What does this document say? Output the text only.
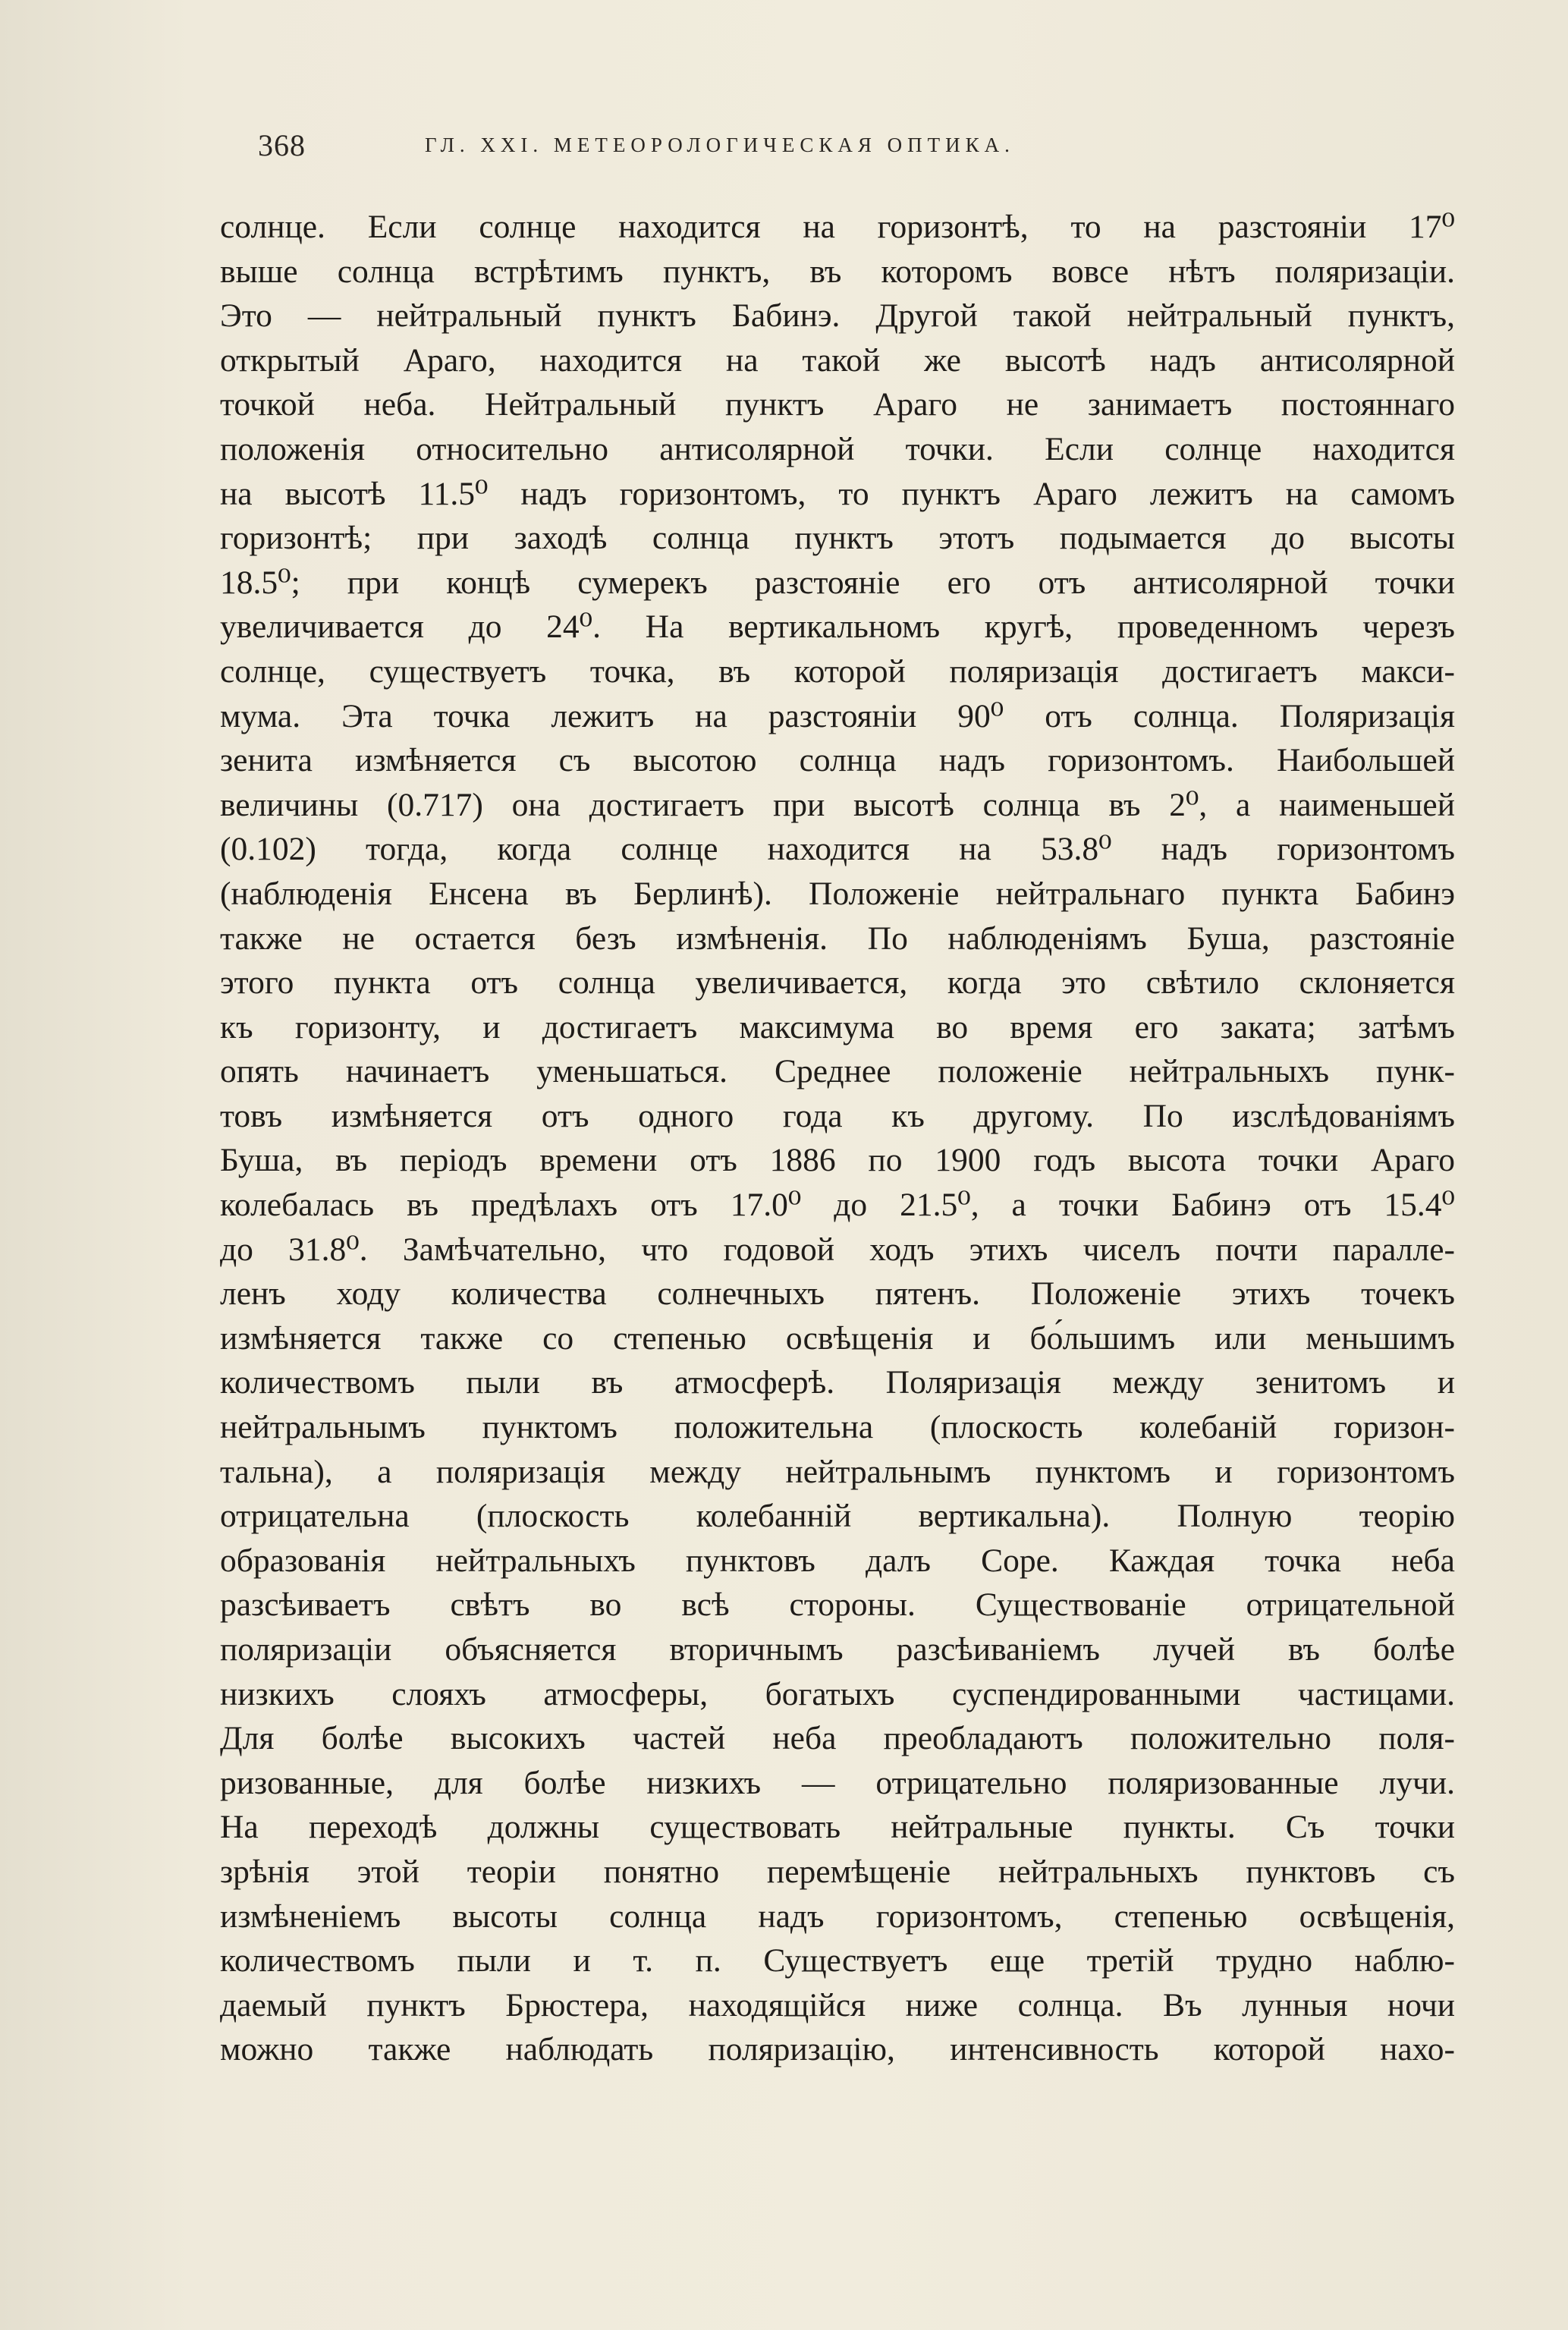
368	ГЛ. XXI. МЕТЕОРОЛОГИЧЕСКАЯ ОПТИКА.
солнце. Если солнце находится на горизонтѣ, то на разстояніи 17⁰
выше солнца встрѣтимъ пунктъ, въ которомъ вовсе нѣтъ поляризаціи.
Это — нейтральный пунктъ Бабинэ. Другой такой нейтральный пунктъ,
открытый Араго, находится на такой же высотѣ надъ антисолярной
точкой неба. Нейтральный пунктъ Араго не занимаетъ постояннаго
положенія относительно антисолярной точки. Если солнце находится
на высотѣ 11.5⁰ надъ горизонтомъ, то пунктъ Араго лежитъ на самомъ
горизонтѣ; при заходѣ солнца пунктъ этотъ подымается до высоты
18.5⁰; при концѣ сумерекъ разстояніе его отъ антисолярной точки
увеличивается до 24⁰. На вертикальномъ кругѣ, проведенномъ черезъ
солнце, существуетъ точка, въ которой поляризація достигаетъ макси-
мума. Эта точка лежитъ на разстояніи 90⁰ отъ солнца. Поляризація
зенита измѣняется съ высотою солнца надъ горизонтомъ. Наибольшей
величины (0.717) она достигаетъ при высотѣ солнца въ 2⁰, а наименьшей
(0.102) тогда, когда солнце находится на 53.8⁰ надъ горизонтомъ
(наблюденія Енсена въ Берлинѣ). Положеніе нейтральнаго пункта Бабинэ
также не остается безъ измѣненія. По наблюденіямъ Буша, разстояніе
этого пункта отъ солнца увеличивается, когда это свѣтило склоняется
къ горизонту, и достигаетъ максимума во время его заката; затѣмъ
опять начинаетъ уменьшаться. Среднее положеніе нейтральныхъ пунк-
товъ измѣняется отъ одного года къ другому. По изслѣдованіямъ
Буша, въ періодъ времени отъ 1886 по 1900 годъ высота точки Араго
колебалась въ предѣлахъ отъ 17.0⁰ до 21.5⁰, а точки Бабинэ отъ 15.4⁰
до 31.8⁰. Замѣчательно, что годовой ходъ этихъ чиселъ почти паралле-
ленъ ходу количества солнечныхъ пятенъ. Положеніе этихъ точекъ
измѣняется также со степенью освѣщенія и бо́льшимъ или меньшимъ
количествомъ пыли въ атмосферѣ. Поляризація между зенитомъ и
нейтральнымъ пунктомъ положительна (плоскость колебаній горизон-
тальна), а поляризація между нейтральнымъ пунктомъ и горизонтомъ
отрицательна (плоскость колебанній вертикальна). Полную теорію
образованія нейтральныхъ пунктовъ далъ Соре. Каждая точка неба
разсѣиваетъ свѣтъ во всѣ стороны. Существованіе отрицательной
поляризаціи объясняется вторичнымъ разсѣиваніемъ лучей въ болѣе
низкихъ слояхъ атмосферы, богатыхъ суспендированными частицами.
Для болѣе высокихъ частей неба преобладаютъ положительно поля-
ризованные, для болѣе низкихъ — отрицательно поляризованные лучи.
На переходѣ должны существовать нейтральные пункты. Съ точки
зрѣнія этой теоріи понятно перемѣщеніе нейтральныхъ пунктовъ съ
измѣненіемъ высоты солнца надъ горизонтомъ, степенью освѣщенія,
количествомъ пыли и т. п. Существуетъ еще третій трудно наблю-
даемый пунктъ Брюстера, находящійся ниже солнца. Въ лунныя ночи
можно также наблюдать поляризацію, интенсивность которой нахо-
